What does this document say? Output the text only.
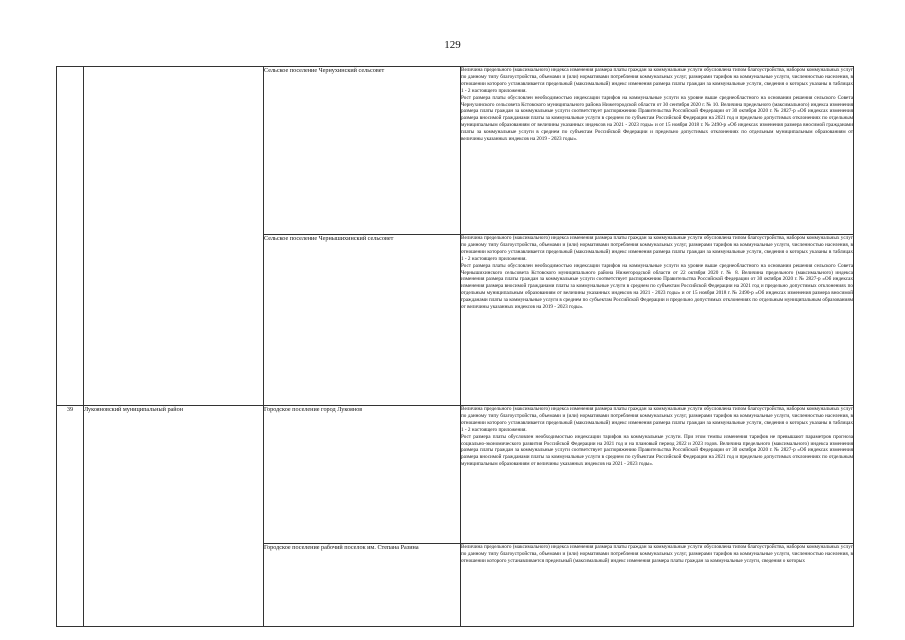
129
		Сельское поселение Чернухинский сельсовет	Величина предельного (максимального) индекса изменения размера платы граждан за коммунальные услуги обусловлена типом благоустройства, набором коммунальных услуг по данному типу благоустройства, объемами и (или) нормативами потребления коммунальных услуг, размерами тарифов на коммунальные услуги, численностью населения, в отношении которого устанавливается предельный (максимальный) индекс изменения размера платы граждан за коммунальные услуги, сведения о которых указаны в таблицах 1 - 2 настоящего приложения.

Рост размера платы обусловлен необходимостью индексации тарифов на коммунальные услуги на уровне выше среднеобластного на основании решения сельского Совета Чернухинского сельсовета Кстовского муниципального района Нижегородской области от 30 сентября 2020 г. № 10. Величина предельного (максимального) индекса изменения размера платы граждан за коммунальные услуги соответствует распоряжению Правительства Российской Федерации от 30 октября 2020 г. № 2827-р «Об индексах изменения размера вносимой гражданами платы за коммунальные услуги в среднем по субъектам Российской Федерации на 2021 год и предельно допустимых отклонениях по отдельным муниципальным образованиям от величины указанных индексов на 2021 - 2023 годы» и от 15 ноября 2018 г. № 2490-р «Об индексах изменения размера вносимой гражданами платы за коммунальные услуги в среднем по субъектам Российской Федерации и предельно допустимых отклонениях по отдельным муниципальным образованиям от величины указанных индексов на 2019 - 2023 годы».

		Сельское поселение Чернышихинский сельсовет	Величина предельного (максимального) индекса изменения размера платы граждан за коммунальные услуги обусловлена типом благоустройства, набором коммунальных услуг по данному типу благоустройства, объемами и (или) нормативами потребления коммунальных услуг, размерами тарифов на коммунальные услуги, численностью населения, в отношении которого устанавливается предельный (максимальный) индекс изменения размера платы граждан за коммунальные услуги, сведения о которых указаны в таблицах 1 - 2 настоящего приложения.

Рост размера платы обусловлен необходимостью индексации тарифов на коммунальные услуги на уровне выше среднеобластного на основании решения сельского Совета Чернышихинского сельсовета Кстовского муниципального района Нижегородской области от 22 октября 2020 г. № 8. Величина предельного (максимального) индекса изменения размера платы граждан за коммунальные услуги соответствует распоряжению Правительства Российской Федерации от 30 октября 2020 г. № 2827-р «Об индексах изменения размера вносимой гражданами платы за коммунальные услуги в среднем по субъектам Российской Федерации на 2021 год и предельно допустимых отклонениях по отдельным муниципальным образованиям от величины указанных индексов на 2021 - 2023 годы» и от 15 ноября 2018 г. № 2490-р «Об индексах изменения размера вносимой гражданами платы за коммунальные услуги в среднем по субъектам Российской Федерации и предельно допустимых отклонениях по отдельным муниципальным образованиям от величины указанных индексов на 2019 - 2023 годы».

39	Лукояновский муниципальный район	Городское поселение город Лукоянов	Величина предельного (максимального) индекса изменения размера платы граждан за коммунальные услуги обусловлена типом благоустройства, набором коммунальных услуг по данному типу благоустройства, объемами и (или) нормативами потребления коммунальных услуг, размерами тарифов на коммунальные услуги, численностью населения, в отношении которого устанавливается предельный (максимальный) индекс изменения размера платы граждан за коммунальные услуги, сведения о которых указаны в таблицах 1 - 2 настоящего приложения.

Рост размера платы обусловлен необходимостью индексации тарифов на коммунальные услуги. При этом темпы изменения тарифов не превышают параметров прогноза социально-экономического развития Российской Федерации на 2021 год и на плановый период 2022 и 2023 годов. Величина предельного (максимального) индекса изменения размера платы граждан за коммунальные услуги соответствует распоряжению Правительства Российской Федерации от 30 октября 2020 г. № 2827-р «Об индексах изменения размера вносимой гражданами платы за коммунальные услуги в среднем по субъектам Российской Федерации на 2021 год и предельно допустимых отклонениях по отдельным муниципальным образованиям от величины указанных индексов на 2021 - 2023 годы».

		Городское поселение рабочий поселок им. Степана Разина	Величина предельного (максимального) индекса изменения размера платы граждан за коммунальные услуги обусловлена типом благоустройства, набором коммунальных услуг по данному типу благоустройства, объемами и (или) нормативами потребления коммунальных услуг, размерами тарифов на коммунальные услуги, численностью населения, в отношении которого устанавливается предельный (максимальный) индекс изменения размера платы граждан за коммунальные услуги, сведения о которых
